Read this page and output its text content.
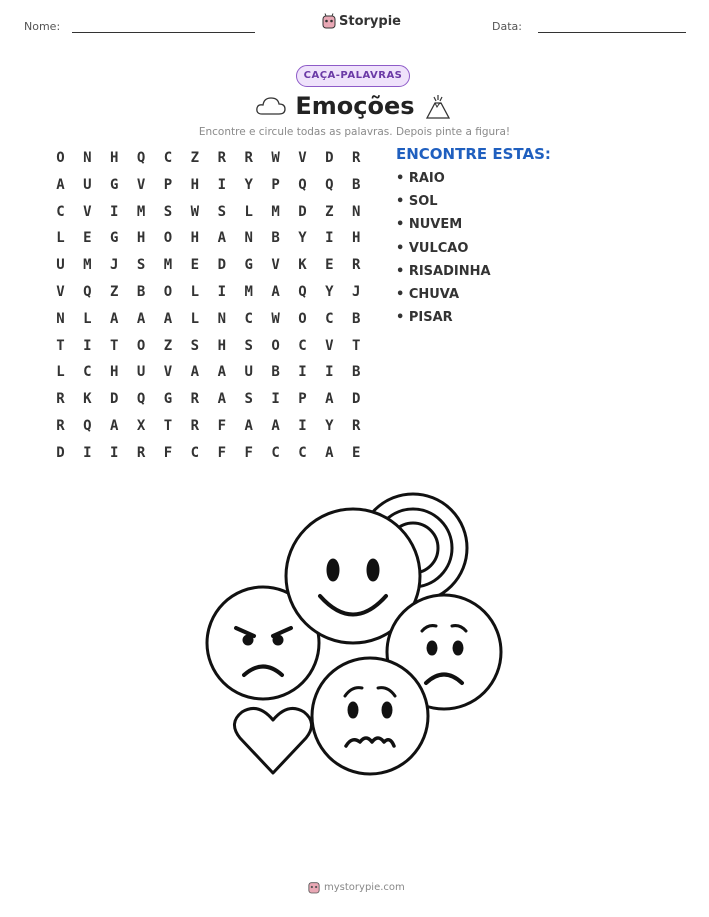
Nome:	Storypie	Data:
CAÇA-PALAVRAS
Emoções
Encontre e circule todas as palavras. Depois pinte a figura!
O	N	H	Q	C	Z	R	R	W	V	D	R
A	U	G	V	P	H	I	Y	P	Q	Q	B
C	V	I	M	S	W	S	L	M	D	Z	N
L	E	G	H	O	H	A	N	B	Y	I	H
U	M	J	S	M	E	D	G	V	K	E	R
V	Q	Z	B	O	L	I	M	A	Q	Y	J
N	L	A	A	A	L	N	C	W	O	C	B
T	I	T	O	Z	S	H	S	O	C	V	T
L	C	H	U	V	A	A	U	B	I	I	B
R	K	D	Q	G	R	A	S	I	P	A	D
R	Q	A	X	T	R	F	A	A	I	Y	R
D	I	I	R	F	C	F	F	C	C	A	E
ENCONTRE ESTAS:
• RAIO
• SOL
• NUVEM
• VULCAO
• RISADINHA
• CHUVA
• PISAR
mystorypie.com
